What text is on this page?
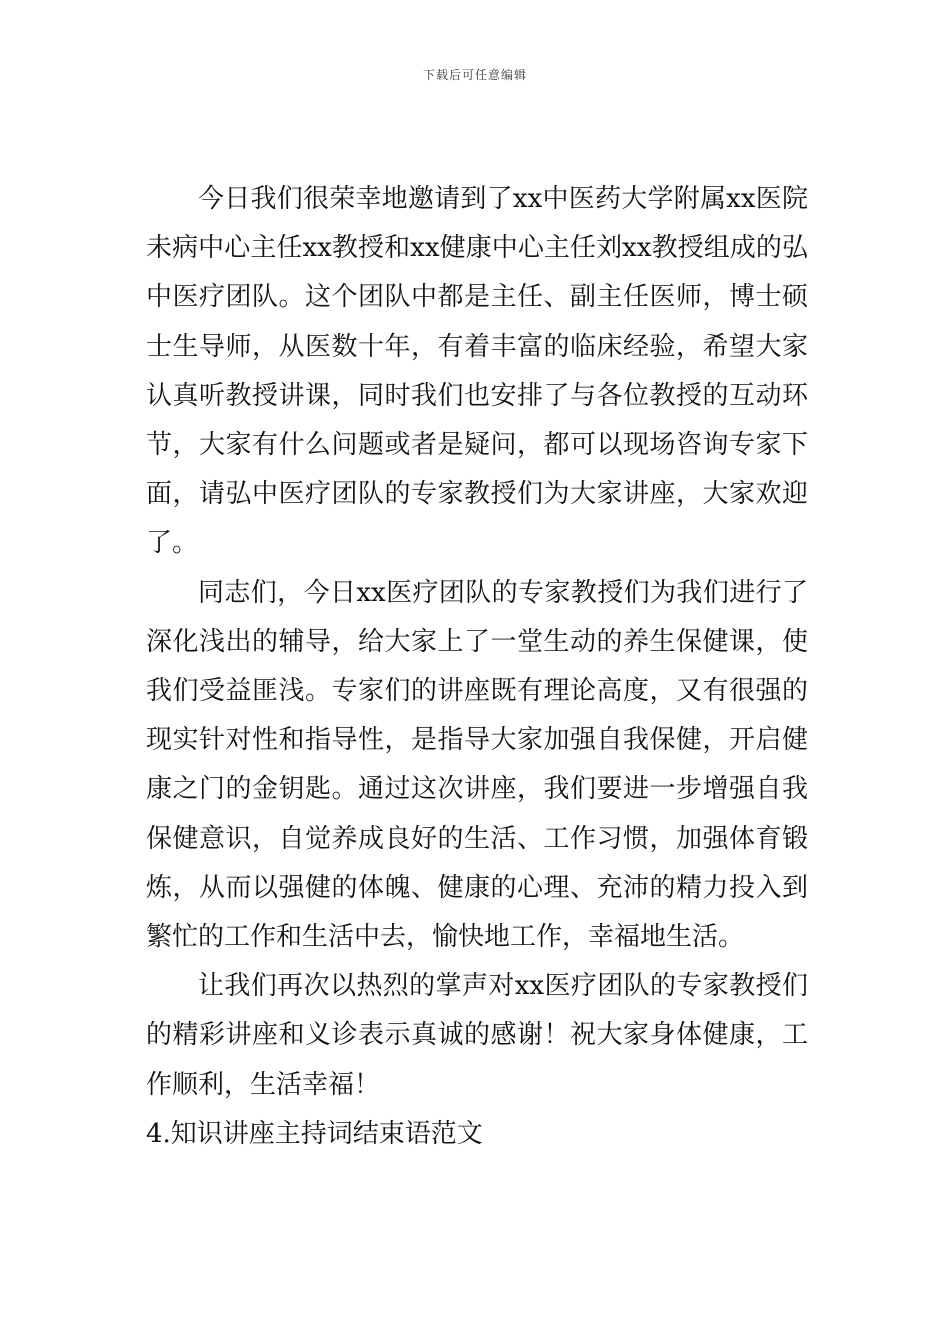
下载后可任意编辑

今日我们很荣幸地邀请到了xx中医药大学附属xx医院未病中心主任xx教授和xx健康中心主任刘xx教授组成的弘中医疗团队。这个团队中都是主任、副主任医师，博士硕士生导师，从医数十年，有着丰富的临床经验，希望大家认真听教授讲课，同时我们也安排了与各位教授的互动环节，大家有什么问题或者是疑问，都可以现场咨询专家下面，请弘中医疗团队的专家教授们为大家讲座，大家欢迎了。

同志们，今日xx医疗团队的专家教授们为我们进行了深化浅出的辅导，给大家上了一堂生动的养生保健课，使我们受益匪浅。专家们的讲座既有理论高度，又有很强的现实针对性和指导性，是指导大家加强自我保健，开启健康之门的金钥匙。通过这次讲座，我们要进一步增强自我保健意识，自觉养成良好的生活、工作习惯，加强体育锻炼，从而以强健的体魄、健康的心理、充沛的精力投入到繁忙的工作和生活中去，愉快地工作，幸福地生活。

让我们再次以热烈的掌声对xx医疗团队的专家教授们的精彩讲座和义诊表示真诚的感谢！祝大家身体健康，工作顺利，生活幸福！

4.知识讲座主持词结束语范文
